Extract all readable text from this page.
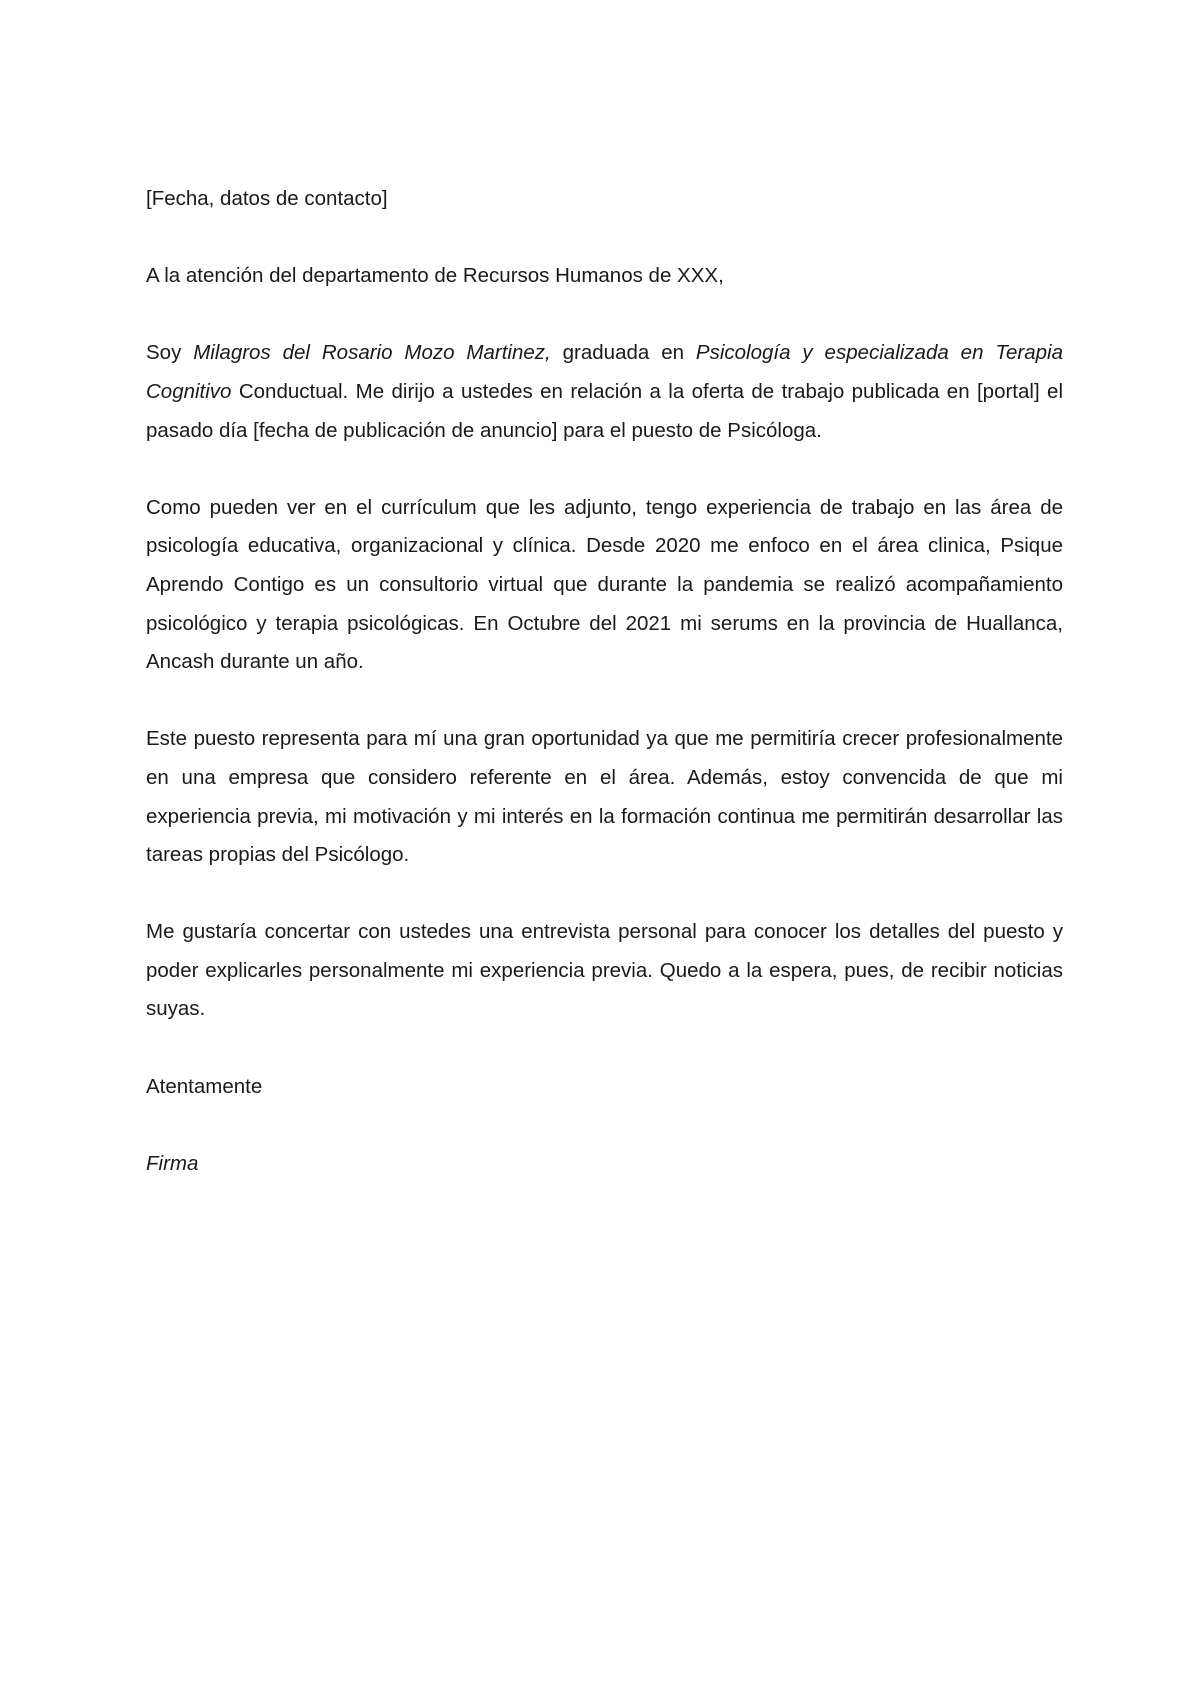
[Fecha, datos de contacto]

A la atención del departamento de Recursos Humanos de XXX,

Soy Milagros del Rosario Mozo Martinez, graduada en Psicología y especializada en Terapia Cognitivo Conductual. Me dirijo a ustedes en relación a la oferta de trabajo publicada en [portal] el pasado día [fecha de publicación de anuncio] para el puesto de Psicóloga.

Como pueden ver en el currículum que les adjunto, tengo experiencia de trabajo en las área de psicología educativa, organizacional y clínica. Desde 2020 me enfoco en el área clinica, Psique Aprendo Contigo es un consultorio virtual que durante la pandemia se realizó acompañamiento psicológico y terapia psicológicas. En Octubre del 2021 mi serums en la provincia de Huallanca, Ancash durante un año.

Este puesto representa para mí una gran oportunidad ya que me permitiría crecer profesionalmente en una empresa que considero referente en el área. Además, estoy convencida de que mi experiencia previa, mi motivación y mi interés en la formación continua me permitirán desarrollar las tareas propias del Psicólogo.

Me gustaría concertar con ustedes una entrevista personal para conocer los detalles del puesto y poder explicarles personalmente mi experiencia previa. Quedo a la espera, pues, de recibir noticias suyas.

Atentamente

Firma
